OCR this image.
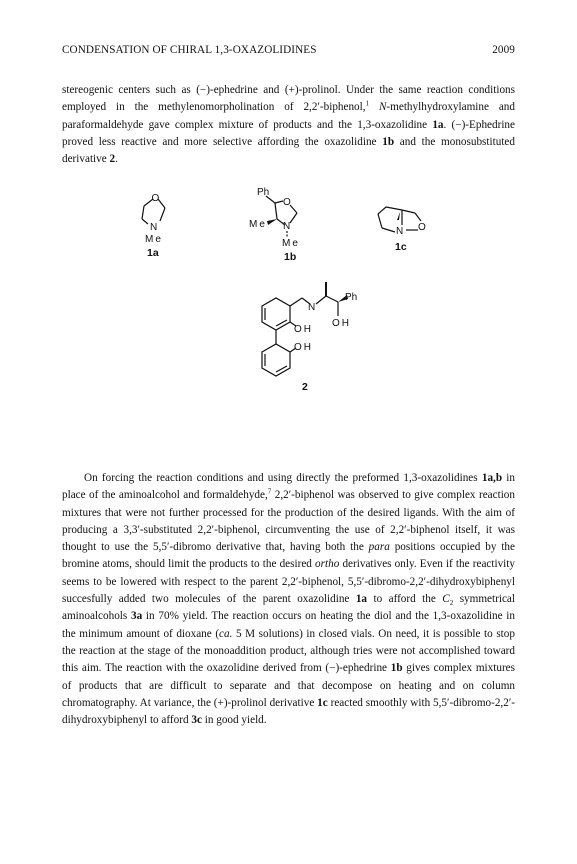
CONDENSATION OF CHIRAL 1,3-OXAZOLIDINES	2009
stereogenic centers such as (−)-ephedrine and (+)-prolinol. Under the same reaction conditions employed in the methylenomorpholination of 2,2′-biphenol,$^1$ N-methylhydroxylamine and paraformaldehyde gave complex mixture of products and the 1,3-oxazolidine 1a. (−)-Ephedrine proved less reactive and more selective affording the oxazolidine 1b and the monosubstituted derivative 2.
O
N
Me
1a
Ph
O
N
Me
Me
1b
N O
1c
N
Ph
OH
OH
OH
2
On forcing the reaction conditions and using directly the preformed 1,3-oxazolidines 1a,b in place of the aminoalcohol and formaldehyde,$^7$ 2,2′-biphenol was observed to give complex reaction mixtures that were not further processed for the production of the desired ligands. With the aim of producing a 3,3′-substituted 2,2′-biphenol, circumventing the use of 2,2′-biphenol itself, it was thought to use the 5,5′-dibromo derivative that, having both the para positions occupied by the bromine atoms, should limit the products to the desired ortho derivatives only. Even if the reactivity seems to be lowered with respect to the parent 2,2′-biphenol, 5,5′-dibromo-2,2′-dihydroxybiphenyl succesfully added two molecules of the parent oxazolidine 1a to afford the $C_2$ symmetrical aminoalcohols 3a in 70% yield. The reaction occurs on heating the diol and the 1,3-oxazolidine in the minimum amount of dioxane (ca. 5 M solutions) in closed vials. On need, it is possible to stop the reaction at the stage of the monoaddition product, although tries were not accomplished toward this aim. The reaction with the oxazolidine derived from (−)-ephedrine 1b gives complex mixtures of products that are difficult to separate and that decompose on heating and on column chromatography. At variance, the (+)-prolinol derivative 1c reacted smoothly with 5,5′-dibromo-2,2′-dihydroxybiphenyl to afford 3c in good yield.
